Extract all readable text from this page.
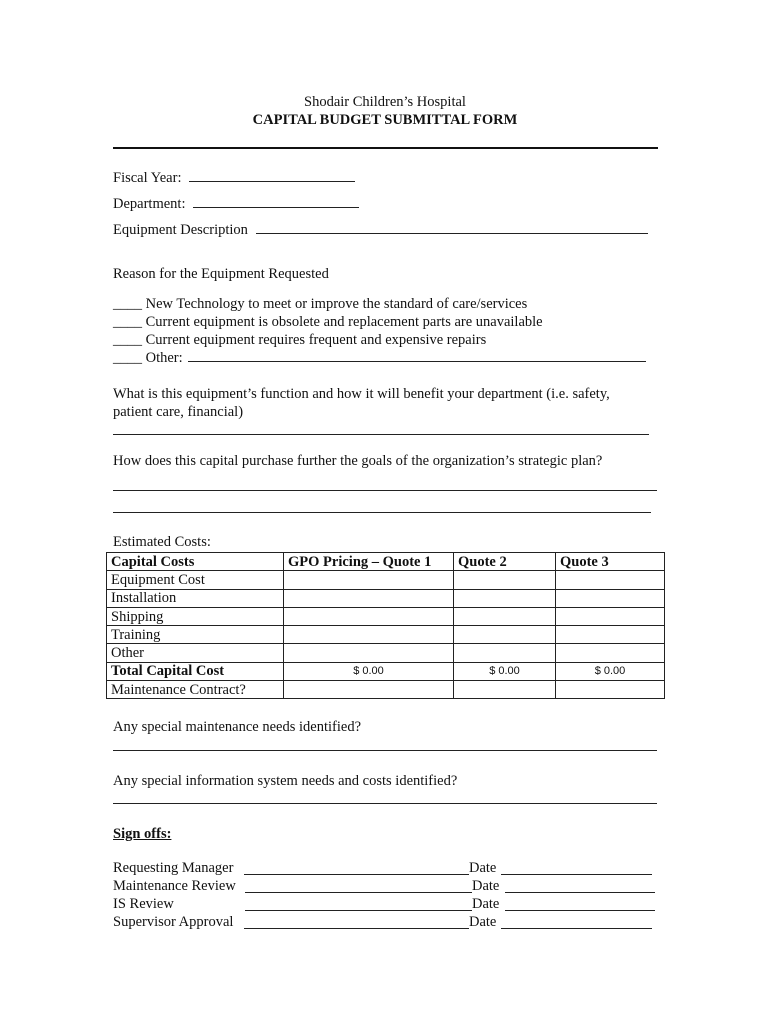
Shodair Children’s Hospital
CAPITAL BUDGET SUBMITTAL FORM
Fiscal Year:
Department:
Equipment Description
Reason for the Equipment Requested
____ New Technology to meet or improve the standard of care/services
____ Current equipment is obsolete and replacement parts are unavailable
____ Current equipment requires frequent and expensive repairs
____ Other:
What is this equipment’s function and how it will benefit your department (i.e. safety,
patient care, financial)
How does this capital purchase further the goals of the organization’s strategic plan?
Estimated Costs:
Capital Costs	GPO Pricing – Quote 1	Quote 2	Quote 3
Equipment Cost			
Installation			
Shipping			
Training			
Other			
Total Capital Cost	$ 0.00	$ 0.00	$ 0.00
Maintenance Contract?			
Any special maintenance needs identified?
Any special information system needs and costs identified?
Sign offs:
Requesting Manager	Date
Maintenance Review	Date
IS Review	Date
Supervisor Approval	Date
